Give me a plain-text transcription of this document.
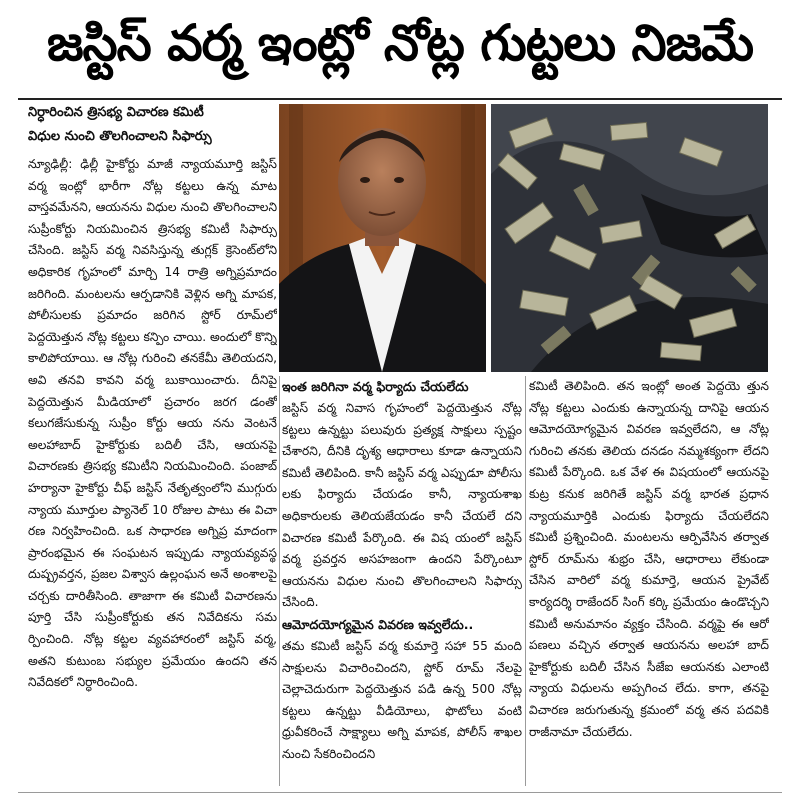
జస్టిస్ వర్మ ఇంట్లో నోట్ల గుట్టలు నిజమే
నిర్ధారించిన త్రిసభ్య విచారణ కమిటీ
విధుల నుంచి తొలగించాలని సిఫార్సు

న్యూఢిల్లీ: ఢిల్లీ హైకోర్టు మాజీ న్యాయమూర్తి జస్టిస్ వర్మ ఇంట్లో భారీగా నోట్ల కట్టలు ఉన్న మాట వాస్తవమేనని, ఆయనను విధుల నుంచి తొలగించాలని సుప్రీంకోర్టు నియమించిన త్రిసభ్య కమిటీ సిఫార్సు చేసింది. జస్టిస్ వర్మ నివసిస్తున్న తుగ్లక్ క్రెసెంట్‌లోని అధికారిక గృహంలో మార్చి 14 రాత్రి అగ్నిప్రమాదం జరిగింది. మంటలను ఆర్పడానికి వెళ్లిన అగ్ని మాపక, పోలీసులకు ప్రమాదం జరిగిన స్టోర్ రూమ్‌లో పెద్దయెత్తున నోట్ల కట్టలు కన్పిం చాయి. అందులో కొన్ని కాలిపోయాయి. ఆ నోట్ల గురించి తనకేమీ తెలియదని, అవి తనవి కావని వర్మ బుకాయించారు. దీనిపై పెద్దయెత్తున మీడియాలో ప్రచారం జరగ డంతో కలుగజేసుకున్న సుప్రీం కోర్టు ఆయ నను వెంటనే అలహాబాద్ హైకోర్టుకు బదిలీ చేసి, ఆయనపై విచారణకు త్రిసభ్య కమిటీని నియమించింది. పంజాబ్ హర్యానా హైకోర్టు చీఫ్ జస్టిస్ నేతృత్వంలోని ముగ్గురు న్యాయ మూర్తుల ప్యానెల్ 10 రోజుల పాటు ఈ విచా రణ నిర్వహించింది. ఒక సాధారణ అగ్నిప్ర మాదంగా ప్రారంభమైన ఈ సంఘటన ఇప్పుడు న్యాయవ్యవస్థ దుష్ప్రవర్తన, ప్రజల విశ్వాస ఉల్లంఘన అనే అంశాలపై చర్చకు దారితీసింది. తాజాగా ఈ కమిటీ విచారణను పూర్తి చేసి సుప్రీంకోర్టుకు తన నివేదికను సమ ర్పించింది. నోట్ల కట్టల వ్యవహారంలో జస్టిస్ వర్మ, అతని కుటుంబ సభ్యుల ప్రమేయం ఉందని తన నివేదికలో నిర్ధారించింది.

ఇంత జరిగినా వర్మ ఫిర్యాదు చేయలేదు

జస్టిస్ వర్మ నివాస గృహంలో పెద్దయెత్తున నోట్ల కట్టలు ఉన్నట్టు పలువురు ప్రత్యక్ష సాక్షులు స్పష్టం చేశారని, దీనికి దృశ్య ఆధారాలు కూడా ఉన్నాయని కమిటీ తెలిపింది. కానీ జస్టిస్ వర్మ ఎప్పుడూ పోలీసు లకు ఫిర్యాదు చేయడం కానీ, న్యాయశాఖ అధికారులకు తెలియజేయడం కానీ చేయలే దని విచారణ కమిటీ పేర్కొంది. ఈ విష యంలో జస్టిస్ వర్మ ప్రవర్తన అసహజంగా ఉందని పేర్కొంటూ ఆయనను విధుల నుంచి తొలగించాలని సిఫార్సు చేసింది.

ఆమోదయోగ్యమైన వివరణ ఇవ్వలేదు..

తమ కమిటీ జస్టిస్ వర్మ కుమార్తె సహా 55 మంది సాక్షులను విచారించిందని, స్టోర్ రూమ్ నేలపై చెల్లాచెదురుగా పెద్దయెత్తున పడి ఉన్న 500 నోట్ల కట్టలు ఉన్నట్టు వీడియోలు, ఫొటోలు వంటి ధ్రువీకరించే సాక్ష్యాలు అగ్ని మాపక, పోలీస్ శాఖల నుంచి సేకరించిందని

కమిటీ తెలిపింది. తన ఇంట్లో అంత పెద్దయె త్తున నోట్ల కట్టలు ఎందుకు ఉన్నాయన్న దానిపై ఆయన ఆమోదయోగ్యమైన వివరణ ఇవ్వలేదని, ఆ నోట్ల గురించి తనకు తెలియ దనడం నమ్మశక్యంగా లేదని కమిటీ పేర్కొంది. ఒక వేళ ఈ విషయంలో ఆయనపై కుట్ర కనుక జరిగితే జస్టిస్ వర్మ భారత ప్రధాన న్యాయమూర్తికి ఎందుకు ఫిర్యాదు చేయలేదని కమిటీ ప్రశ్నించింది. మంటలను ఆర్పివేసిన తర్వాత స్టోర్ రూమ్‌ను శుభ్రం చేసి, ఆధారాలు లేకుండా చేసిన వారిలో వర్మ కుమార్తె, ఆయన ప్రైవేట్ కార్యదర్శి రాజేందర్ సింగ్ కర్కి ప్రమేయం ఉండొచ్చని కమిటీ అనుమానం వ్యక్తం చేసింది. వర్మపై ఈ ఆరో పణలు వచ్చిన తర్వాత ఆయనను అలహా బాద్ హైకోర్టుకు బదిలీ చేసిన సీజేఐ ఆయనకు ఎలాంటి న్యాయ విధులను అప్పగించ లేదు. కాగా, తనపై విచారణ జరుగుతున్న క్రమంలో వర్మ తన పదవికి రాజీనామా చేయలేదు.
